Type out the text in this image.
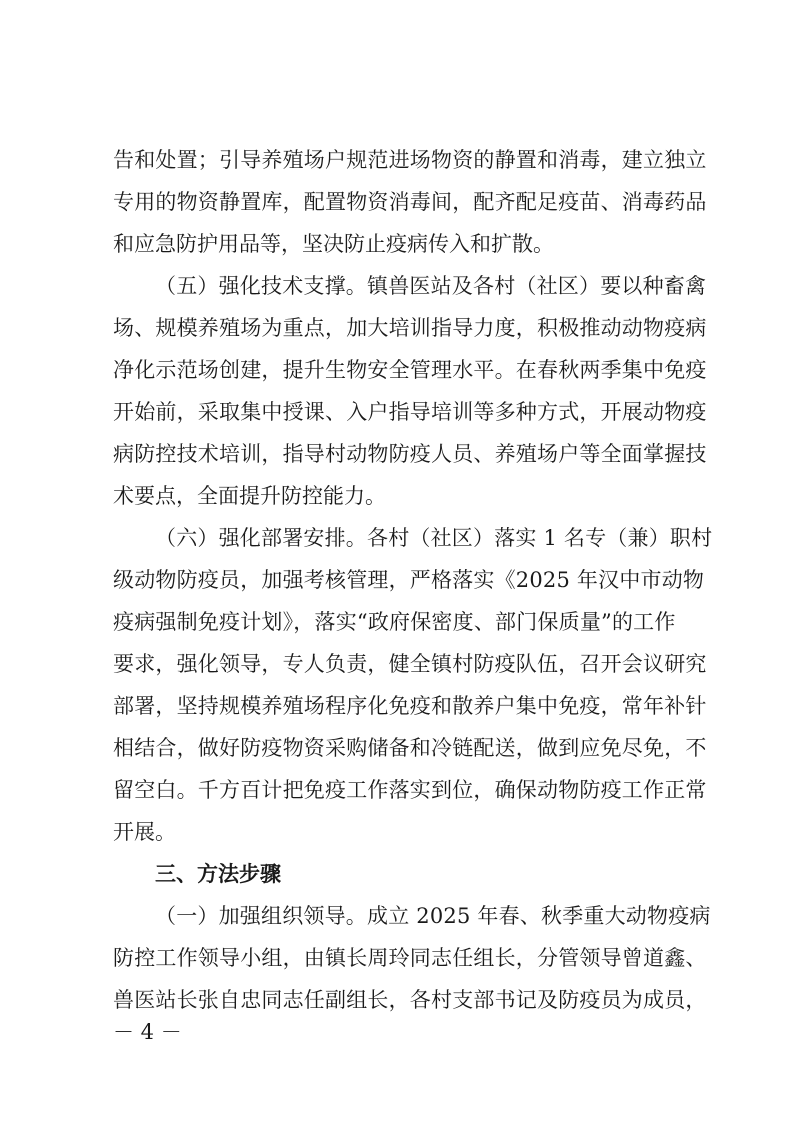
告和处置；引导养殖场户规范进场物资的静置和消毒，建立独立
专用的物资静置库，配置物资消毒间，配齐配足疫苗、消毒药品
和应急防护用品等，坚决防止疫病传入和扩散。
（五）强化技术支撑。镇兽医站及各村（社区）要以种畜禽
场、规模养殖场为重点，加大培训指导力度，积极推动动物疫病
净化示范场创建，提升生物安全管理水平。在春秋两季集中免疫
开始前，采取集中授课、入户指导培训等多种方式，开展动物疫
病防控技术培训，指导村动物防疫人员、养殖场户等全面掌握技
术要点，全面提升防控能力。
（六）强化部署安排。各村（社区）落实 1 名专（兼）职村
级动物防疫员，加强考核管理，严格落实《2025 年汉中市动物
疫病强制免疫计划》，落实“政府保密度、部门保质量”的工作
要求，强化领导，专人负责，健全镇村防疫队伍，召开会议研究
部署，坚持规模养殖场程序化免疫和散养户集中免疫，常年补针
相结合，做好防疫物资采购储备和冷链配送，做到应免尽免，不
留空白。千方百计把免疫工作落实到位，确保动物防疫工作正常
开展。
三、方法步骤
（一）加强组织领导。成立 2025 年春、秋季重大动物疫病
防控工作领导小组，由镇长周玲同志任组长，分管领导曾道鑫、
兽医站长张自忠同志任副组长，各村支部书记及防疫员为成员，
－ 4 －
